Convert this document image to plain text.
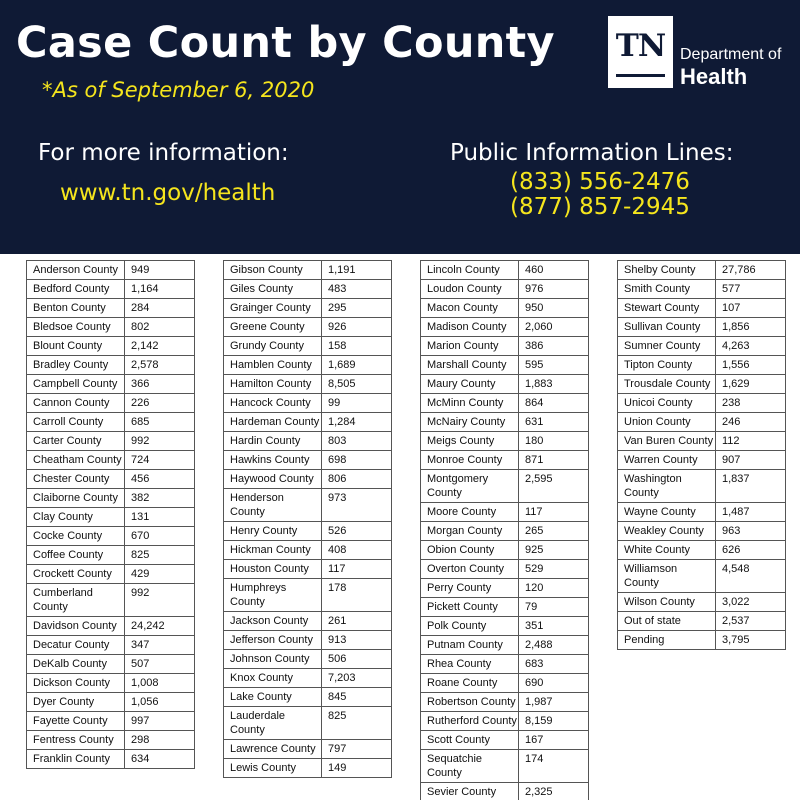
Case Count by County
*As of September 6, 2020
For more information:
www.tn.gov/health
Public Information Lines:
(833) 556-2476
(877) 857-2945
TN Department of
Health
Anderson County	949
Bedford County	1,164
Benton County	284
Bledsoe County	802
Blount County	2,142
Bradley County	2,578
Campbell County	366
Cannon County	226
Carroll County	685
Carter County	992
Cheatham County 724
Chester County	456
Claiborne County	382
Clay County	131
Cocke County	670
Coffee County	825
Crockett County	429
Cumberland County
992
Davidson County	24,242
Decatur County	347
DeKalb County	507
Dickson County	1,008
Dyer County	1,056
Fayette County	997
Fentress County	298
Franklin County	634
Gibson County	1,191
Giles County	483
Grainger County	295
Greene County	926
Grundy County	158
Hamblen County	1,689
Hamilton County	8,505
Hancock County	99
Hardeman County 1,284
Hardin County	803
Hawkins County	698
Haywood County	806
Henderson County
973
Henry County	526
Hickman County	408
Houston County	117
Humphreys County
178
Jackson County	261
Jefferson County	913
Johnson County	506
Knox County	7,203
Lake County	845
Lauderdale County
825
Lawrence County	797
Lewis County	149
Lincoln County	460
Loudon County	976
Macon County	950
Madison County	2,060
Marion County	386
Marshall County	595
Maury County	1,883
McMinn County	864
McNairy County	631
Meigs County	180
Monroe County	871
Montgomery County
2,595
Moore County	117
Morgan County	265
Obion County	925
Overton County	529
Perry County	120
Pickett County	79
Polk County	351
Putnam County	2,488
Rhea County	683
Roane County	690
Robertson County 1,987
Rutherford County 8,159
Scott County	167
Sequatchie County
174
Sevier County	2,325
Shelby County	27,786
Smith County	577
Stewart County	107
Sullivan County	1,856
Sumner County	4,263
Tipton County	1,556
Trousdale County	1,629
Unicoi County	238
Union County	246
Van Buren County 112
Warren County	907
Washington County
1,837
Wayne County	1,487
Weakley County	963
White County	626
Williamson County
4,548
Wilson County	3,022
Out of state	2,537
Pending	3,795
